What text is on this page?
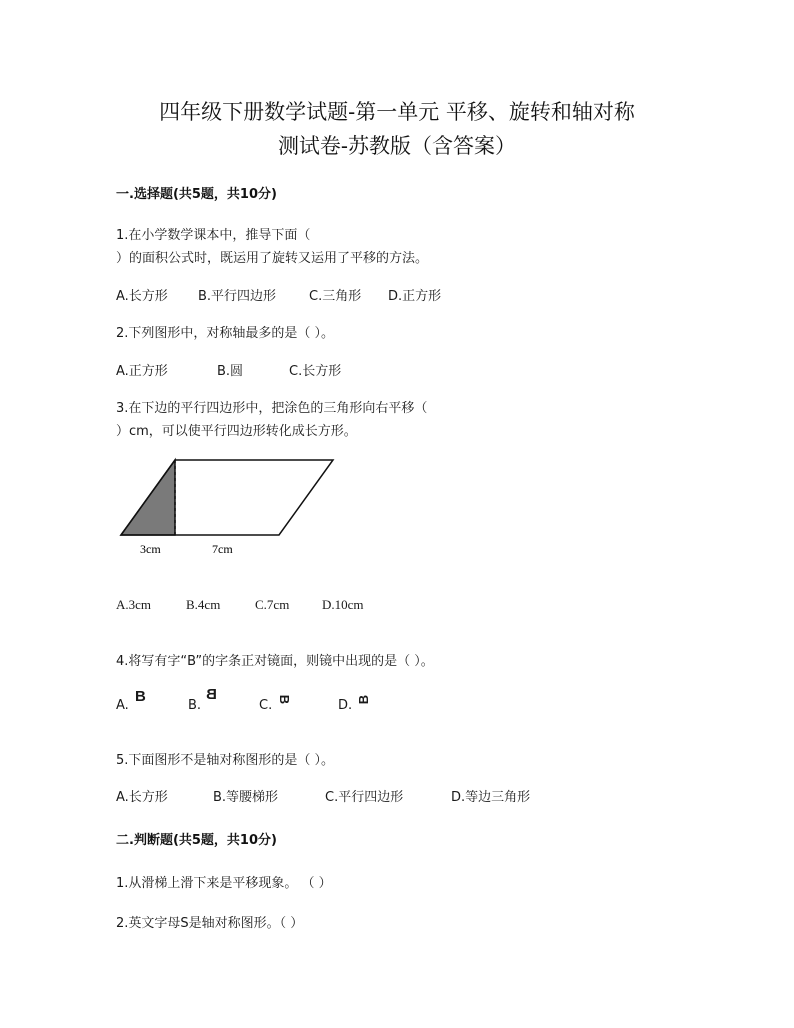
四年级下册数学试题-第一单元 平移、旋转和轴对称
测试卷-苏教版（含答案）
一.选择题(共5题，共10分)
1.在小学数学课本中，推导下面（
）的面积公式时，既运用了旋转又运用了平移的方法。
A.长方形 B.平行四边形	C.三角形 D.正方形
2.下列图形中，对称轴最多的是（ ）。
A.正方形	B.圆	C.长方形
3.在下边的平行四边形中，把涂色的三角形向右平移（
）cm，可以使平行四边形转化成长方形。
3cm	7cm
A.3cm	B.4cm	C.7cm	D.10cm
4.将写有字“B”的字条正对镜面，则镜中出现的是（ ）。
A.
B
B.
B
C. B	D. B
5.下面图形不是轴对称图形的是（ ）。
A.长方形	B.等腰梯形	C.平行四边形	D.等边三角形
二.判断题(共5题，共10分)
1.从滑梯上滑下来是平移现象。 （ ）
2.英文字母S是轴对称图形。（ ）
